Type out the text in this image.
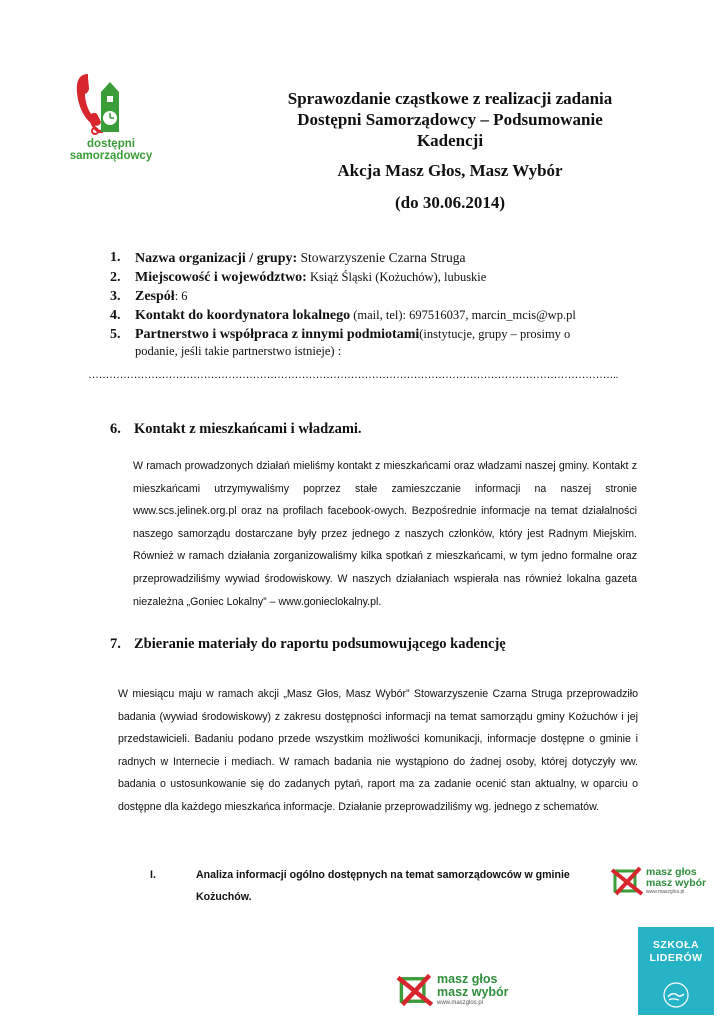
dostępni
samorządowcy
Sprawozdanie cząstkowe z realizacji zadania
Dostępni Samorządowcy – Podsumowanie
Kadencji
Akcja Masz Głos, Masz Wybór
(do 30.06.2014)
1.	Nazwa organizacji / grupy: Stowarzyszenie Czarna Struga
2.	Miejscowość i województwo: Książ Śląski (Kożuchów), lubuskie
3.	Zespół: 6
4.	Kontakt do koordynatora lokalnego (mail, tel): 697516037, marcin_mcis@wp.pl
5.	Partnerstwo i współpraca z innymi podmiotami(instytucje, grupy – prosimy o
podanie, jeśli takie partnerstwo istnieje) :
……………………………………………………………………………………………………………………………………..
6. Kontakt z mieszkańcami i władzami.
W ramach prowadzonych działań mieliśmy kontakt z mieszkańcami oraz władzami naszej gminy. Kontakt z mieszkańcami utrzymywaliśmy poprzez stałe zamieszczanie informacji na naszej stronie www.scs.jelinek.org.pl oraz na profilach facebook-owych. Bezpośrednie informacje na temat działalności naszego samorządu dostarczane były przez jednego z naszych członków, który jest Radnym Miejskim. Również w ramach działania zorganizowaliśmy kilka spotkań z mieszkańcami, w tym jedno formalne oraz przeprowadziliśmy wywiad środowiskowy. W naszych działaniach wspierała nas również lokalna gazeta niezależna „Goniec Lokalny” – www.gonieclokalny.pl.
7. Zbieranie materiały do raportu podsumowującego kadencję
W miesiącu maju w ramach akcji „Masz Głos, Masz Wybór” Stowarzyszenie Czarna Struga przeprowadziło badania (wywiad środowiskowy) z zakresu dostępności informacji na temat samorządu gminy Kożuchów i jej przedstawicieli. Badaniu podano przede wszystkim możliwości komunikacji, informacje dostępne o gminie i radnych w Internecie i mediach. W ramach badania nie wystąpiono do żadnej osoby, której dotyczyły ww. badania o ustosunkowanie się do zadanych pytań, raport ma za zadanie ocenić stan aktualny, w oparciu o dostępne dla każdego mieszkańca informacje. Działanie przeprowadziliśmy wg. jednego z schematów.
I.	Analiza informacji ogólno dostępnych na temat samorządowców w gminie Kożuchów.
masz głos
masz wybór
www.maszglos.pl
SZKOŁA
LIDERÓW
masz głos
masz wybór
www.maszglos.pl
